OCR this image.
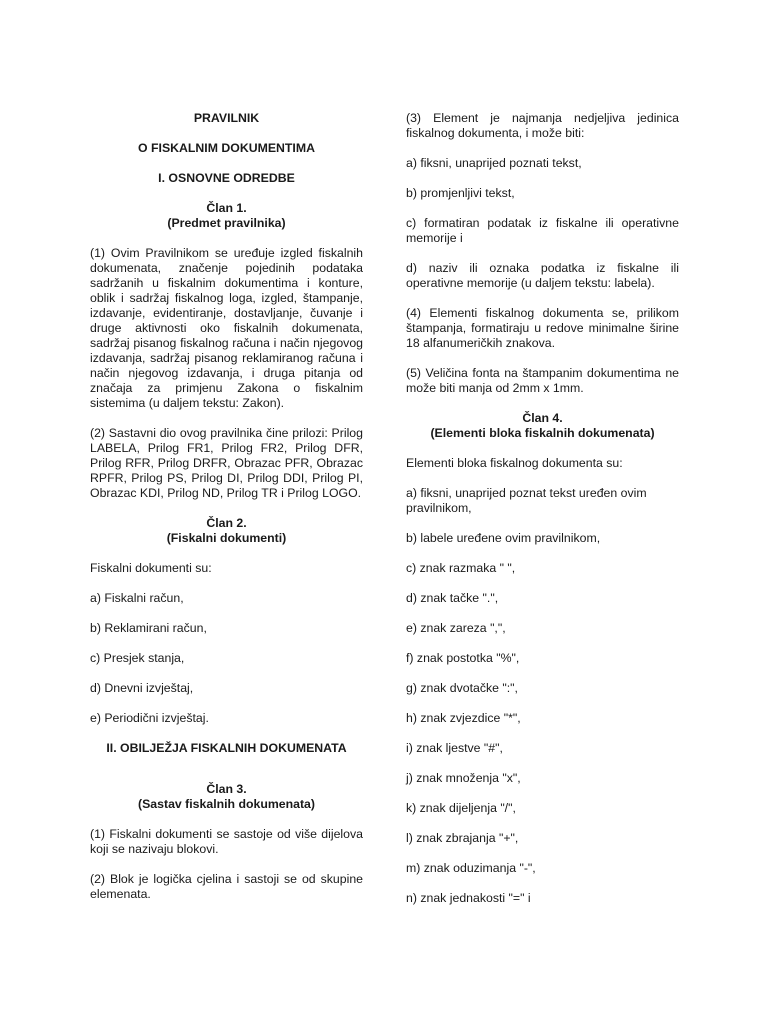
PRAVILNIK
O FISKALNIM DOKUMENTIMA
I. OSNOVNE ODREDBE
Član 1.
(Predmet pravilnika)

(1) Ovim Pravilnikom se uređuje izgled fiskalnih dokumenata, značenje pojedinih podataka sadržanih u fiskalnim dokumentima i konture, oblik i sadržaj fiskalnog loga, izgled, štampanje, izdavanje, evidentiranje, dostavljanje, čuvanje i druge aktivnosti oko fiskalnih dokumenata, sadržaj pisanog fiskalnog računa i način njegovog izdavanja, sadržaj pisanog reklamiranog računa i način njegovog izdavanja, i druga pitanja od značaja za primjenu Zakona o fiskalnim sistemima (u daljem tekstu: Zakon).

(2) Sastavni dio ovog pravilnika čine prilozi: Prilog LABELA, Prilog FR1, Prilog FR2, Prilog DFR, Prilog RFR, Prilog DRFR, Obrazac PFR, Obrazac RPFR, Prilog PS, Prilog DI, Prilog DDI, Prilog PI, Obrazac KDI, Prilog ND, Prilog TR i Prilog LOGO.

Član 2.
(Fiskalni dokumenti)

Fiskalni dokumenti su:

a) Fiskalni račun,

b) Reklamirani račun,

c) Presjek stanja,

d) Dnevni izvještaj,

e) Periodični izvještaj.

II. OBILJEŽJA FISKALNIH DOKUMENATA
Član 3.
(Sastav fiskalnih dokumenata)

(1) Fiskalni dokumenti se sastoje od više dijelova koji se nazivaju blokovi.

(2) Blok je logička cjelina i sastoji se od skupine elemenata.

(3) Element je najmanja nedjeljiva jedinica fiskalnog dokumenta, i može biti:

a) fiksni, unaprijed poznati tekst,

b) promjenljivi tekst,

c) formatiran podatak iz fiskalne ili operativne memorije i

d) naziv ili oznaka podatka iz fiskalne ili operativne memorije (u daljem tekstu: labela).

(4) Elementi fiskalnog dokumenta se, prilikom štampanja, formatiraju u redove minimalne širine 18 alfanumeričkih znakova.

(5) Veličina fonta na štampanim dokumentima ne može biti manja od 2mm x 1mm.

Član 4.
(Elementi bloka fiskalnih dokumenata)

Elementi bloka fiskalnog dokumenta su:

a) fiksni, unaprijed poznat tekst uređen ovim pravilnikom,

b) labele uređene ovim pravilnikom,

c) znak razmaka " ",

d) znak tačke ".",

e) znak zareza ",",

f) znak postotka "%",

g) znak dvotačke ":",

h) znak zvjezdice "*",

i) znak ljestve "#",

j) znak množenja "x",

k) znak dijeljenja "/",

l) znak zbrajanja "+",

m) znak oduzimanja "-",

n) znak jednakosti "=" i
